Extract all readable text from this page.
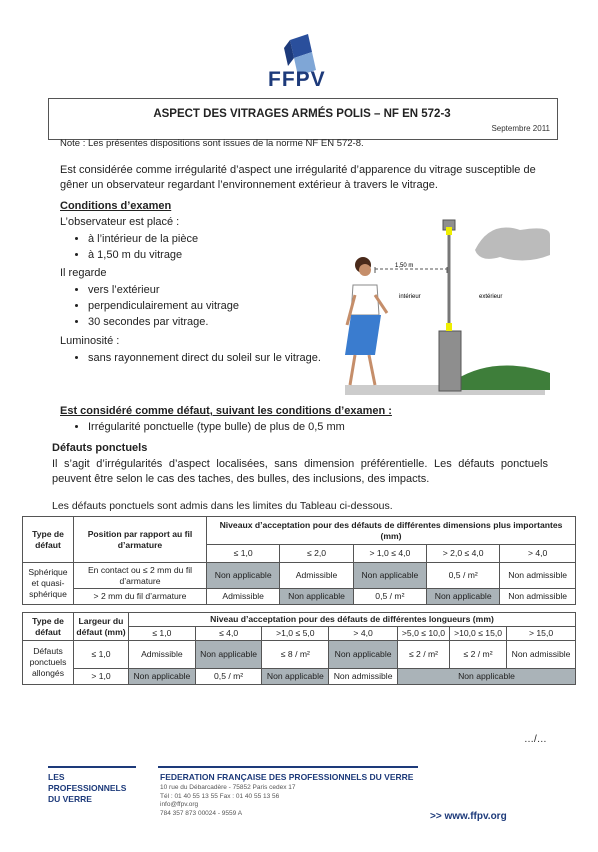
FFPV
ASPECT DES VITRAGES ARMÉS POLIS – NF EN 572-3
Septembre 2011
Note : Les présentes dispositions sont issues de la norme NF EN 572-8.
Est considérée comme irrégularité d’aspect une irrégularité d’apparence du vitrage susceptible de gêner un observateur regardant l’environnement extérieur à travers le vitrage.
Conditions d’examen
L’observateur est placé :
• à l’intérieur de la pièce
• à 1,50 m du vitrage
Il regarde
• vers l’extérieur
• perpendiculairement au vitrage
• 30 secondes par vitrage.
Luminosité :
• sans rayonnement direct du soleil sur le vitrage.
1,50 m
intérieur	extérieur
Est considéré comme défaut, suivant les conditions d’examen :
• Irrégularité ponctuelle (type bulle) de plus de 0,5 mm
Défauts ponctuels
Il s’agit d’irrégularités d’aspect localisées, sans dimension préférentielle. Les défauts ponctuels peuvent être selon le cas des taches, des bulles, des inclusions, des impacts.
Les défauts ponctuels sont admis dans les limites du Tableau ci-dessous.
Type de défaut	Position par rapport au fil d’armature	Niveaux d’acceptation pour des défauts de différentes dimensions plus importantes (mm)				
		≤ 1,0	≤ 2,0	> 1,0 ≤ 4,0	> 2,0 ≤ 4,0	> 4,0
Sphérique et quasi-sphérique	En contact ou ≤ 2 mm du fil d’armature	Non applicable	Admissible	Non applicable	0,5 / m²	Non admissible
	> 2 mm du fil d’armature	Admissible	Non applicable	0,5 / m²	Non applicable	Non admissible
Type de défaut	Largeur du défaut (mm)	Niveau d’acceptation pour des défauts de différentes longueurs (mm)						
		≤ 1,0	≤ 4,0	>1,0 ≤ 5,0	> 4,0	>5,0 ≤ 10,0	>10,0 ≤ 15,0	> 15,0
Défauts ponctuels allongés	≤ 1,0	Admissible	Non applicable	≤ 8 / m²	Non applicable	≤ 2 / m²	≤ 2 / m²	Non admissible
	> 1,0	Non applicable	0,5 / m²	Non applicable	Non admissible	Non applicable		
…/…
LES PROFESSIONNELS DU VERRE
FEDERATION FRANÇAISE DES PROFESSIONNELS DU VERRE
10 rue du Débarcadère - 75852 Paris cedex 17
Tél : 01 40 55 13 55 Fax : 01 40 55 13 56
info@ffpv.org
784 357 873 00024 - 9559 A	>> www.ffpv.org
